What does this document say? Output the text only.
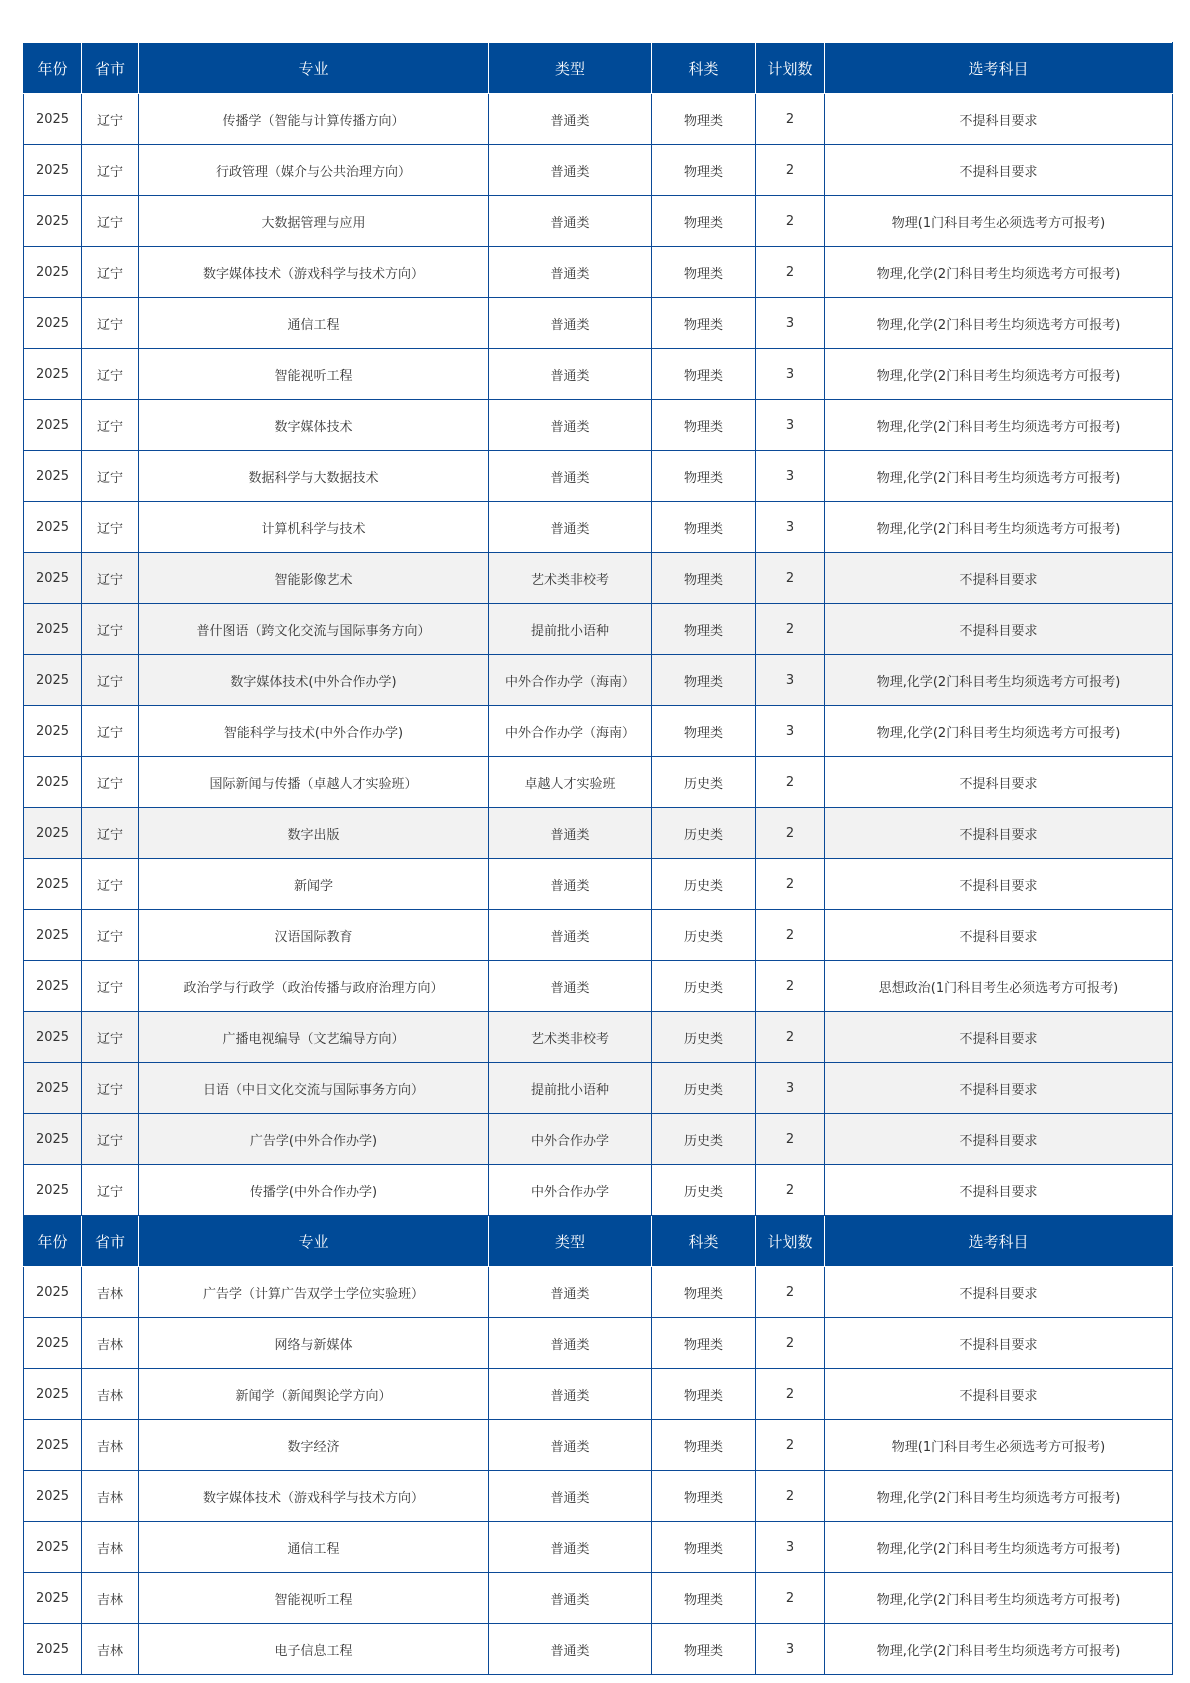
年份	省市	专业	类型	科类	计划数	选考科目
2025	辽宁	传播学（智能与计算传播方向）	普通类	物理类	2	不提科目要求
2025	辽宁	行政管理（媒介与公共治理方向）	普通类	物理类	2	不提科目要求
2025	辽宁	大数据管理与应用	普通类	物理类	2	物理(1门科目考生必须选考方可报考)
2025	辽宁	数字媒体技术（游戏科学与技术方向）	普通类	物理类	2	物理,化学(2门科目考生均须选考方可报考)
2025	辽宁	通信工程	普通类	物理类	3	物理,化学(2门科目考生均须选考方可报考)
2025	辽宁	智能视听工程	普通类	物理类	3	物理,化学(2门科目考生均须选考方可报考)
2025	辽宁	数字媒体技术	普通类	物理类	3	物理,化学(2门科目考生均须选考方可报考)
2025	辽宁	数据科学与大数据技术	普通类	物理类	3	物理,化学(2门科目考生均须选考方可报考)
2025	辽宁	计算机科学与技术	普通类	物理类	3	物理,化学(2门科目考生均须选考方可报考)
2025	辽宁	智能影像艺术	艺术类非校考	物理类	2	不提科目要求
2025	辽宁	普什图语（跨文化交流与国际事务方向）	提前批小语种	物理类	2	不提科目要求
2025	辽宁	数字媒体技术(中外合作办学)	中外合作办学（海南）	物理类	3	物理,化学(2门科目考生均须选考方可报考)
2025	辽宁	智能科学与技术(中外合作办学)	中外合作办学（海南）	物理类	3	物理,化学(2门科目考生均须选考方可报考)
2025	辽宁	国际新闻与传播（卓越人才实验班）	卓越人才实验班	历史类	2	不提科目要求
2025	辽宁	数字出版	普通类	历史类	2	不提科目要求
2025	辽宁	新闻学	普通类	历史类	2	不提科目要求
2025	辽宁	汉语国际教育	普通类	历史类	2	不提科目要求
2025	辽宁	政治学与行政学（政治传播与政府治理方向）	普通类	历史类	2	思想政治(1门科目考生必须选考方可报考)
2025	辽宁	广播电视编导（文艺编导方向）	艺术类非校考	历史类	2	不提科目要求
2025	辽宁	日语（中日文化交流与国际事务方向）	提前批小语种	历史类	3	不提科目要求
2025	辽宁	广告学(中外合作办学)	中外合作办学	历史类	2	不提科目要求
2025	辽宁	传播学(中外合作办学)	中外合作办学	历史类	2	不提科目要求
年份	省市	专业	类型	科类	计划数	选考科目
2025	吉林	广告学（计算广告双学士学位实验班）	普通类	物理类	2	不提科目要求
2025	吉林	网络与新媒体	普通类	物理类	2	不提科目要求
2025	吉林	新闻学（新闻舆论学方向）	普通类	物理类	2	不提科目要求
2025	吉林	数字经济	普通类	物理类	2	物理(1门科目考生必须选考方可报考)
2025	吉林	数字媒体技术（游戏科学与技术方向）	普通类	物理类	2	物理,化学(2门科目考生均须选考方可报考)
2025	吉林	通信工程	普通类	物理类	3	物理,化学(2门科目考生均须选考方可报考)
2025	吉林	智能视听工程	普通类	物理类	2	物理,化学(2门科目考生均须选考方可报考)
2025	吉林	电子信息工程	普通类	物理类	3	物理,化学(2门科目考生均须选考方可报考)
